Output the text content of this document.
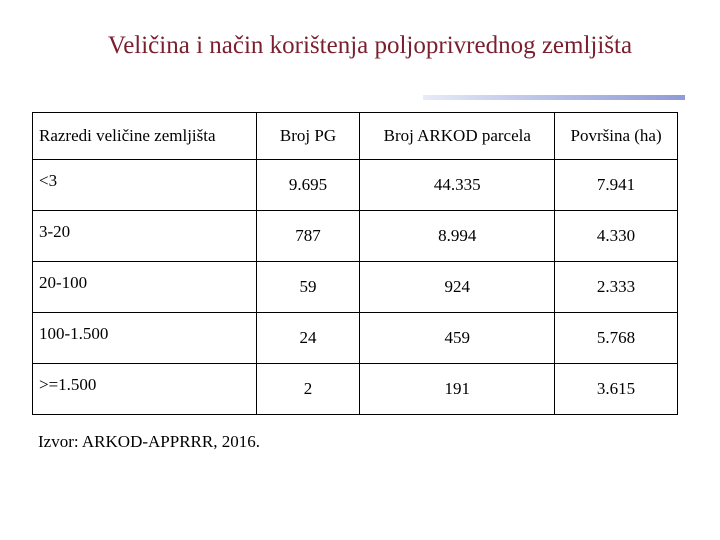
Veličina i način korištenja poljoprivrednog zemljišta
Razredi veličine zemljišta	Broj PG	Broj ARKOD parcela	Površina (ha)
<3	9.695	44.335	7.941
3-20	787	8.994	4.330
20-100	59	924	2.333
100-1.500	24	459	5.768
>=1.500	2	191	3.615
Izvor: ARKOD-APPRRR, 2016.
